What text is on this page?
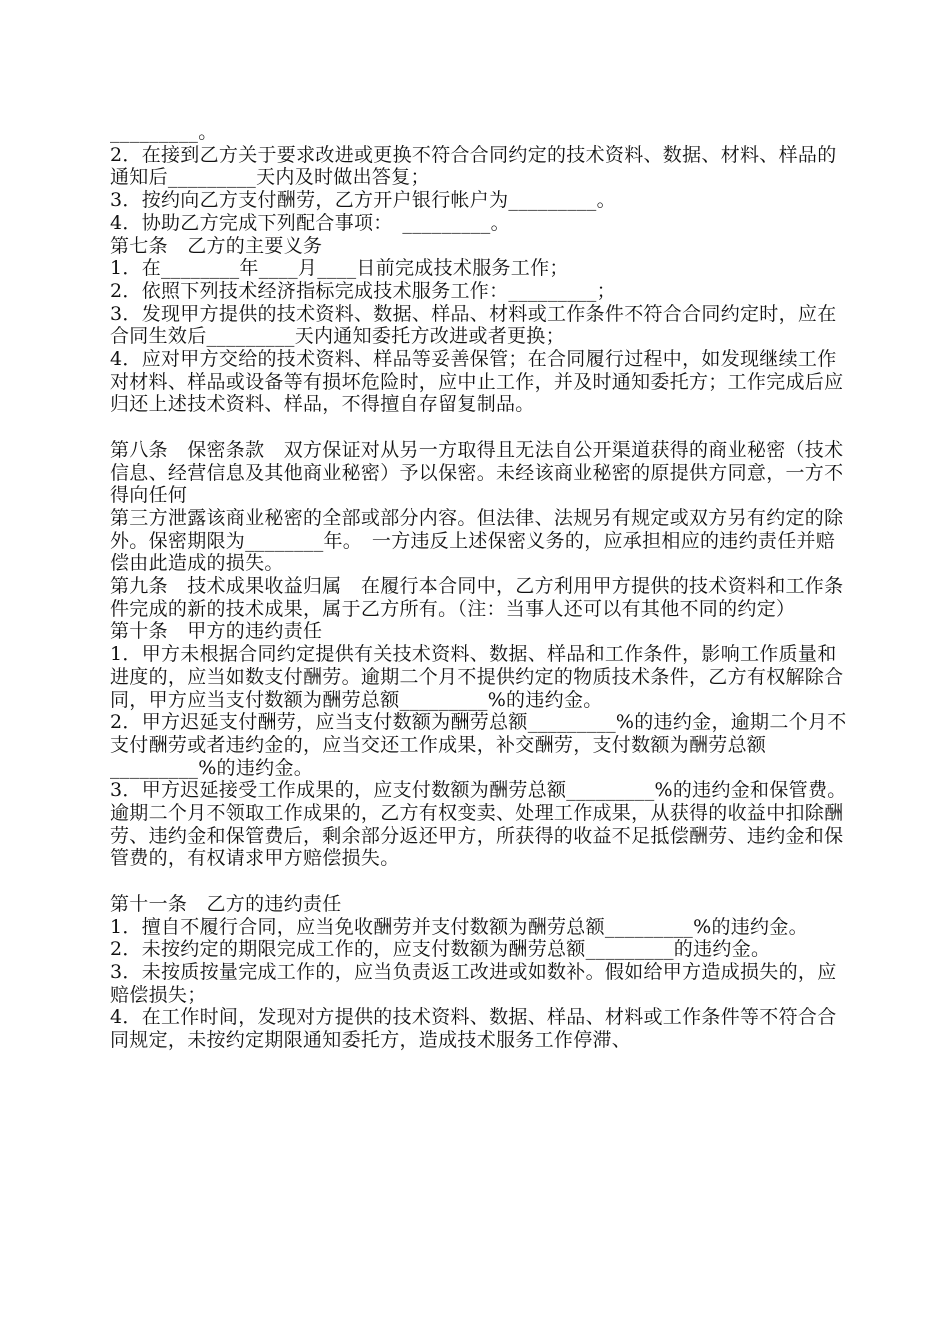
_________。

2．在接到乙方关于要求改进或更换不符合合同约定的技术资料、数据、材料、样品的通知后_________天内及时做出答复；

3．按约向乙方支付酬劳，乙方开户银行帐户为_________。

4．协助乙方完成下列配合事项：　_________。

第七条　乙方的主要义务

1．在________年____月____日前完成技术服务工作；

2．依照下列技术经济指标完成技术服务工作：_________；

3．发现甲方提供的技术资料、数据、样品、材料或工作条件不符合合同约定时，应在合同生效后_________天内通知委托方改进或者更换；

4．应对甲方交给的技术资料、样品等妥善保管；在合同履行过程中，如发现继续工作对材料、样品或设备等有损坏危险时，应中止工作，并及时通知委托方；工作完成后应归还上述技术资料、样品，不得擅自存留复制品。

第八条　保密条款　双方保证对从另一方取得且无法自公开渠道获得的商业秘密（技术信息、经营信息及其他商业秘密）予以保密。未经该商业秘密的原提供方同意，一方不得向任何

第三方泄露该商业秘密的全部或部分内容。但法律、法规另有规定或双方另有约定的除外。保密期限为________年。　一方违反上述保密义务的，应承担相应的违约责任并赔偿由此造成的损失。

第九条　技术成果收益归属　在履行本合同中，乙方利用甲方提供的技术资料和工作条件完成的新的技术成果，属于乙方所有。（注：当事人还可以有其他不同的约定）

第十条　甲方的违约责任

1．甲方未根据合同约定提供有关技术资料、数据、样品和工作条件，影响工作质量和进度的，应当如数支付酬劳。逾期二个月不提供约定的物质技术条件，乙方有权解除合同，甲方应当支付数额为酬劳总额_________%的违约金。

2．甲方迟延支付酬劳，应当支付数额为酬劳总额_________%的违约金，逾期二个月不支付酬劳或者违约金的，应当交还工作成果，补交酬劳，支付数额为酬劳总额_________%的违约金。

3．甲方迟延接受工作成果的，应支付数额为酬劳总额_________%的违约金和保管费。逾期二个月不领取工作成果的，乙方有权变卖、处理工作成果，从获得的收益中扣除酬劳、违约金和保管费后，剩余部分返还甲方，所获得的收益不足抵偿酬劳、违约金和保管费的，有权请求甲方赔偿损失。

第十一条　乙方的违约责任

1．擅自不履行合同，应当免收酬劳并支付数额为酬劳总额_________%的违约金。

2．未按约定的期限完成工作的，应支付数额为酬劳总额_________的违约金。

3．未按质按量完成工作的，应当负责返工改进或如数补。假如给甲方造成损失的，应赔偿损失；

4．在工作时间，发现对方提供的技术资料、数据、样品、材料或工作条件等不符合合同规定，未按约定期限通知委托方，造成技术服务工作停滞、
